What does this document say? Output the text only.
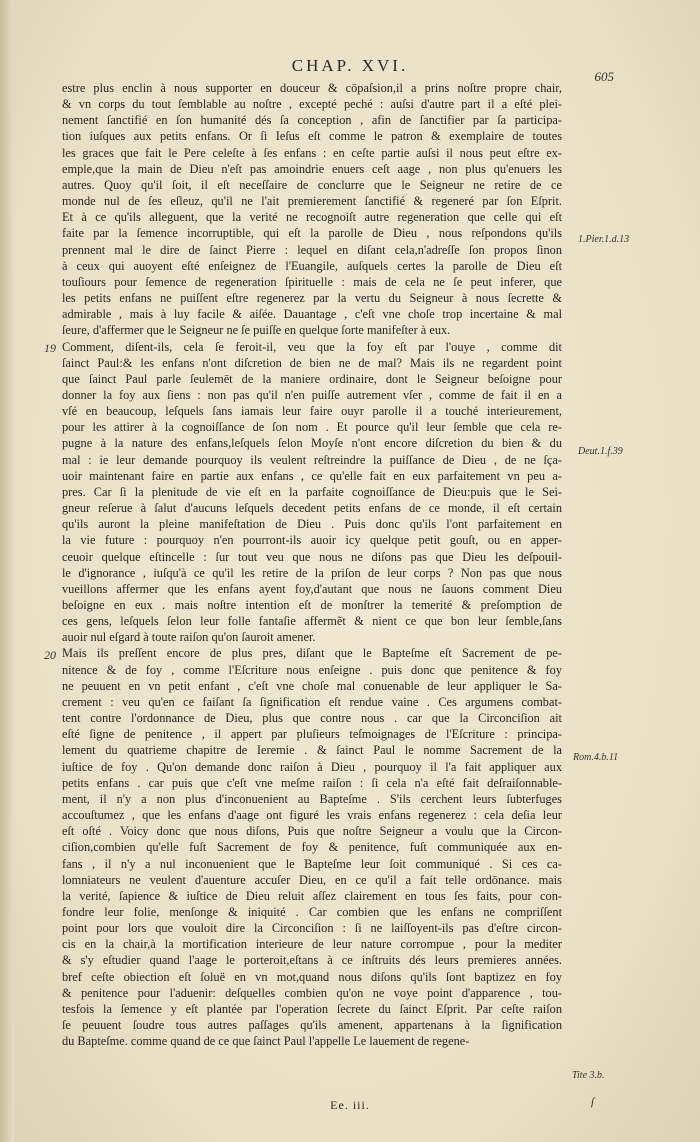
CHAP. XVI.
605
estre plus enclin à nous supporter en douceur & cōpaſsion,il a prins noſtre propre chair,
& vn corps du tout ſemblable au noſtre , excepté peché : auſsi d'autre part il a eſté plei-
nement ſanctifié en ſon humanité dés ſa conception , afin de ſanctifier par ſa participa-
tion iuſques aux petits enfans. Or ſi Ieſus eſt comme le patron & exemplaire de toutes
les graces que fait le Pere celeſte à ſes enfans : en ceſte partie auſsi il nous peut eſtre ex-
emple,que la main de Dieu n'eſt pas amoindrie enuers ceſt aage , non plus qu'enuers les
autres. Quoy qu'il ſoit, il eſt neceſſaire de conclurre que le Seigneur ne retire de ce
monde nul de ſes eſleuz, qu'il ne l'ait premierement ſanctifié & regeneré par ſon Eſprit.
Et à ce qu'ils alleguent, que la verité ne recognoiſt autre regeneration que celle qui eſt
faite par la ſemence incorruptible, qui eſt la parolle de Dieu , nous reſpondons qu'ils
prennent mal le dire de ſainct Pierre : lequel en diſant cela,n'adreſſe ſon propos ſinon
à ceux qui auoyent eſté enſeignez de l'Euangile, auſquels certes la parolle de Dieu eſt
touſiours pour ſemence de regeneration ſpirituelle : mais de cela ne ſe peut inferer, que
les petits enfans ne puiſſent eſtre regenerez par la vertu du Seigneur à nous ſecrette &
admirable , mais à luy facile & aiſée. Dauantage , c'eſt vne choſe trop incertaine & mal
ſeure, d'affermer que le Seigneur ne ſe puiſſe en quelque ſorte manifeſter à eux.
Comment, diſent-ils, cela ſe feroit-il, veu que la foy eſt par l'ouye , comme dit
ſainct Paul:& les enfans n'ont diſcretion de bien ne de mal? Mais ils ne regardent point
que ſainct Paul parle ſeulemēt de la maniere ordinaire, dont le Seigneur beſoigne pour
donner la foy aux ſiens : non pas qu'il n'en puiſſe autrement vſer , comme de fait il en a
vſé en beaucoup, leſquels ſans iamais leur faire ouyr parolle il a touché interieurement,
pour les attirer à la cognoiſſance de ſon nom . Et pource qu'il leur ſemble que cela re-
pugne à la nature des enfans,leſquels ſelon Moyſe n'ont encore diſcretion du bien & du
mal : ie leur demande pourquoy ils veulent reſtreindre la puiſſance de Dieu , de ne ſça-
uoir maintenant faire en partie aux enfans , ce qu'elle fait en eux parfaitement vn peu a-
pres. Car ſi la plenitude de vie eſt en la parfaite cognoiſſance de Dieu:puis que le Sei-
gneur reſerue à ſalut d'aucuns leſquels decedent petits enfans de ce monde, il eſt certain
qu'ils auront la pleine manifeſtation de Dieu . Puis donc qu'ils l'ont parfaitement en
la vie future : pourquoy n'en pourront-ils auoir icy quelque petit gouſt, ou en apper-
ceuoir quelque eſtincelle : ſur tout veu que nous ne diſons pas que Dieu les deſpouil-
le d'ignorance , iuſqu'à ce qu'il les retire de la priſon de leur corps ? Non pas que nous
vueillons affermer que les enfans ayent foy,d'autant que nous ne ſauons comment Dieu
beſoigne en eux . mais noſtre intention eſt de monſtrer la temerité & preſomption de
ces gens, leſquels ſelon leur folle fantaſie affermẽt & nient ce que bon leur ſemble,ſans
auoir nul eſgard à toute raiſon qu'on ſauroit amener.
Mais ils preſſent encore de plus pres, diſant que le Bapteſme eſt Sacrement de pe-
nitence & de foy , comme l'Eſcriture nous enſeigne . puis donc que penitence & foy
ne peuuent en vn petit enfant , c'eſt vne choſe mal conuenable de leur appliquer le Sa-
crement : veu qu'en ce faiſant ſa ſignification eſt rendue vaine . Ces argumens combat-
tent contre l'ordonnance de Dieu, plus que contre nous . car que la Circonciſion ait
eſté ſigne de penitence , il appert par pluſieurs teſmoignages de l'Eſcriture : principa-
lement du quatrieme chapitre de Ieremie . & ſainct Paul le nomme Sacrement de la
iuſtice de foy . Qu'on demande donc raiſon à Dieu , pourquoy il l'a fait appliquer aux
petits enfans . car puis que c'eſt vne meſme raiſon : ſi cela n'a eſté fait deſraiſonnable-
ment, il n'y a non plus d'inconuenient au Bapteſme . S'ils cerchent leurs ſubterfuges
accouſtumez , que les enfans d'aage ont figuré les vrais enfans regenerez : cela deſia leur
eſt oſté . Voicy donc que nous diſons, Puis que noſtre Seigneur a voulu que la Circon-
ciſion,combien qu'elle fuſt Sacrement de foy & penitence, fuſt communiquée aux en-
fans , il n'y a nul inconuenient que le Bapteſme leur ſoit communiqué . Si ces ca-
lomniateurs ne veulent d'auenture accuſer Dieu, en ce qu'il a fait telle ordōnance. mais
la verité, ſapience & iuſtice de Dieu reluit aſſez clairement en tous ſes faits, pour con-
fondre leur folie, menſonge & iniquité . Car combien que les enfans ne compriſſent
point pour lors que vouloit dire la Circonciſion : ſi ne laiſſoyent-ils pas d'eſtre circon-
cis en la chair,à la mortification interieure de leur nature corrompue , pour la mediter
& s'y eſtudier quand l'aage le porteroit,eſtans à ce inſtruits dés leurs premieres années.
bref ceſte obiection eſt ſoluë en vn mot,quand nous diſons qu'ils ſont baptizez en foy
& penitence pour l'aduenir: deſquelles combien qu'on ne voye point d'apparence , tou-
tesfois la ſemence y eſt plantée par l'operation ſecrete du ſainct Eſprit. Par ceſte raiſon
ſe peuuent ſoudre tous autres paſſages qu'ils amenent, appartenans à la ſignification
du Bapteſme. comme quand de ce que ſainct Paul l'appelle Le lauement de regene-
19
20
1.Pier.1.d.13
Deut.1.f.39
Rom.4.b.11
Tite 3.b.
Ee. iii.	ſ
